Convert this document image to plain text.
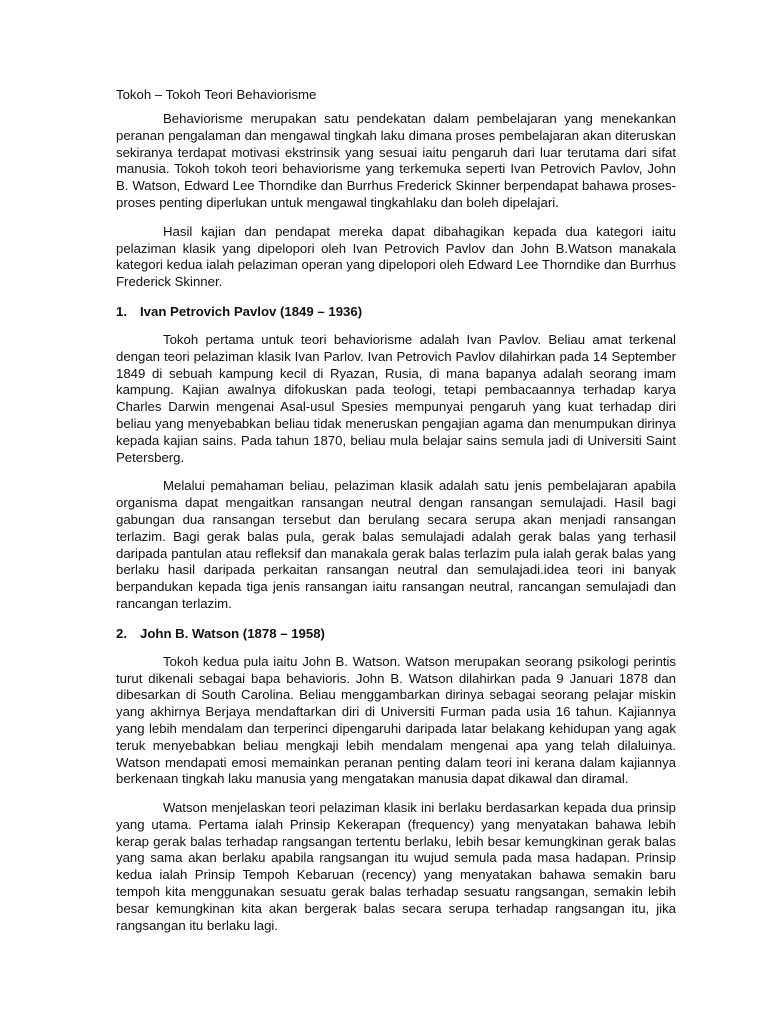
Tokoh – Tokoh Teori Behaviorisme

Behaviorisme merupakan satu pendekatan dalam pembelajaran yang menekankan peranan pengalaman dan mengawal tingkah laku dimana proses pembelajaran akan diteruskan sekiranya terdapat motivasi ekstrinsik yang sesuai iaitu pengaruh dari luar terutama dari sifat manusia. Tokoh tokoh teori behaviorisme yang terkemuka seperti Ivan Petrovich Pavlov, John B. Watson, Edward Lee Thorndike dan Burrhus Frederick Skinner berpendapat bahawa proses-proses penting diperlukan untuk mengawal tingkahlaku dan boleh dipelajari.

Hasil kajian dan pendapat mereka dapat dibahagikan kepada dua kategori iaitu pelaziman klasik yang dipelopori oleh Ivan Petrovich Pavlov dan John B.Watson manakala kategori kedua ialah pelaziman operan yang dipelopori oleh Edward Lee Thorndike dan Burrhus Frederick Skinner.

1. Ivan Petrovich Pavlov (1849 – 1936)

Tokoh pertama untuk teori behaviorisme adalah Ivan Pavlov. Beliau amat terkenal dengan teori pelaziman klasik Ivan Parlov. Ivan Petrovich Pavlov dilahirkan pada 14 September 1849 di sebuah kampung kecil di Ryazan, Rusia, di mana bapanya adalah seorang imam kampung. Kajian awalnya difokuskan pada teologi, tetapi pembacaannya terhadap karya Charles Darwin mengenai Asal-usul Spesies mempunyai pengaruh yang kuat terhadap diri beliau yang menyebabkan beliau tidak meneruskan pengajian agama dan menumpukan dirinya kepada kajian sains. Pada tahun 1870, beliau mula belajar sains semula jadi di Universiti Saint Petersberg.

Melalui pemahaman beliau, pelaziman klasik adalah satu jenis pembelajaran apabila organisma dapat mengaitkan ransangan neutral dengan ransangan semulajadi. Hasil bagi gabungan dua ransangan tersebut dan berulang secara serupa akan menjadi ransangan terlazim. Bagi gerak balas pula, gerak balas semulajadi adalah gerak balas yang terhasil daripada pantulan atau refleksif dan manakala gerak balas terlazim pula ialah gerak balas yang berlaku hasil daripada perkaitan ransangan neutral dan semulajadi.idea teori ini banyak berpandukan kepada tiga jenis ransangan iaitu ransangan neutral, rancangan semulajadi dan rancangan terlazim.

2. John B. Watson (1878 – 1958)

Tokoh kedua pula iaitu John B. Watson. Watson merupakan seorang psikologi perintis turut dikenali sebagai bapa behavioris. John B. Watson dilahirkan pada 9 Januari 1878 dan dibesarkan di South Carolina. Beliau menggambarkan dirinya sebagai seorang pelajar miskin yang akhirnya Berjaya mendaftarkan diri di Universiti Furman pada usia 16 tahun. Kajiannya yang lebih mendalam dan terperinci dipengaruhi daripada latar belakang kehidupan yang agak teruk menyebabkan beliau mengkaji lebih mendalam mengenai apa yang telah dilaluinya. Watson mendapati emosi memainkan peranan penting dalam teori ini kerana dalam kajiannya berkenaan tingkah laku manusia yang mengatakan manusia dapat dikawal dan diramal.

Watson menjelaskan teori pelaziman klasik ini berlaku berdasarkan kepada dua prinsip yang utama. Pertama ialah Prinsip Kekerapan (frequency) yang menyatakan bahawa lebih kerap gerak balas terhadap rangsangan tertentu berlaku, lebih besar kemungkinan gerak balas yang sama akan berlaku apabila rangsangan itu wujud semula pada masa hadapan. Prinsip kedua ialah Prinsip Tempoh Kebaruan (recency) yang menyatakan bahawa semakin baru tempoh kita menggunakan sesuatu gerak balas terhadap sesuatu rangsangan, semakin lebih besar kemungkinan kita akan bergerak balas secara serupa terhadap rangsangan itu, jika rangsangan itu berlaku lagi.
